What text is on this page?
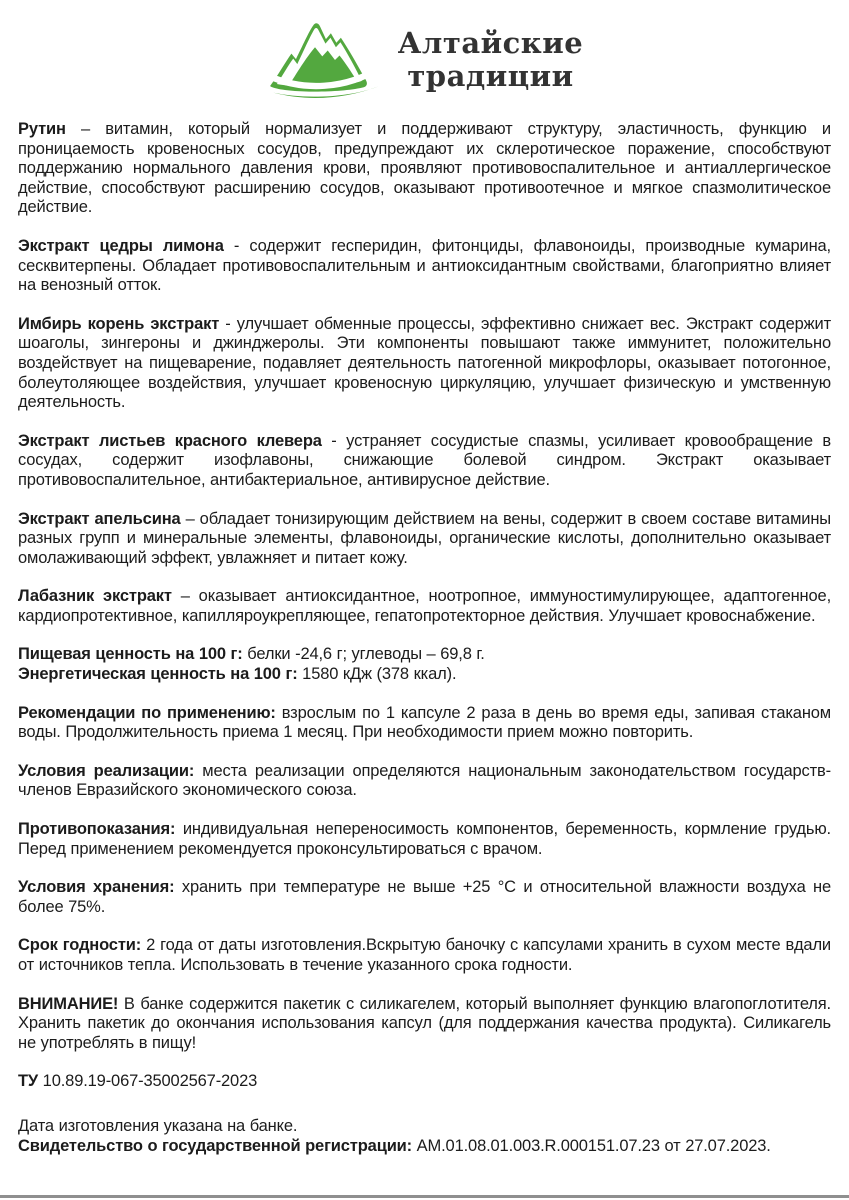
Алтайские
традиции

Рутин – витамин, который нормализует и поддерживают структуру, эластичность, функцию и проницаемость кровеносных сосудов, предупреждают их склеротическое поражение, способствуют поддержанию нормального давления крови, проявляют противовоспалительное и антиаллергическое действие, способствуют расширению сосудов, оказывают противоотечное и мягкое спазмолитическое действие.

Экстракт цедры лимона - содержит гесперидин, фитонциды, флавоноиды, производные кумарина, сесквитерпены. Обладает противовоспалительным и антиоксидантным свойствами, благоприятно влияет на венозный отток.

Имбирь корень экстракт - улучшает обменные процессы, эффективно снижает вес. Экстракт содержит шоаголы, зингероны и джинджеролы. Эти компоненты повышают также иммунитет, положительно воздействует на пищеварение, подавляет деятельность патогенной микрофлоры, оказывает потогонное, болеутоляющее воздействия, улучшает кровеносную циркуляцию, улучшает физическую и умственную деятельность.

Экстракт листьев красного клевера - устраняет сосудистые спазмы, усиливает кровообращение в сосудах, содержит изофлавоны, снижающие болевой синдром. Экстракт оказывает противовоспалительное, антибактериальное, антивирусное действие.

Экстракт апельсина – обладает тонизирующим действием на вены, содержит в своем составе витамины разных групп и минеральные элементы, флавоноиды, органические кислоты, дополнительно оказывает омолаживающий эффект, увлажняет и питает кожу.

Лабазник экстракт – оказывает антиоксидантное, ноотропное, иммуностимулирующее, адаптогенное, кардиопротективное, капилляроукрепляющее, гепатопротекторное действия. Улучшает кровоснабжение.

Пищевая ценность на 100 г: белки -24,6 г; углеводы – 69,8 г.

Энергетическая ценность на 100 г: 1580 кДж (378 ккал).

Рекомендации по применению: взрослым по 1 капсуле 2 раза в день во время еды, запивая стаканом воды. Продолжительность приема 1 месяц. При необходимости прием можно повторить.

Условия реализации: места реализации определяются национальным законодательством государств-членов Евразийского экономического союза.

Противопоказания: индивидуальная непереносимость компонентов, беременность, кормление грудью. Перед применением рекомендуется проконсультироваться с врачом.

Условия хранения: хранить при температуре не выше +25 °C и относительной влажности воздуха не более 75%.

Срок годности: 2 года от даты изготовления.Вскрытую баночку с капсулами хранить в сухом месте вдали от источников тепла. Использовать в течение указанного срока годности.

ВНИМАНИЕ! В банке содержится пакетик с силикагелем, который выполняет функцию влагопоглотителя. Хранить пакетик до окончания использования капсул (для поддержания качества продукта). Силикагель не употреблять в пищу!

ТУ 10.89.19-067-35002567-2023

Дата изготовления указана на банке.

Свидетельство о государственной регистрации: AM.01.08.01.003.R.000151.07.23 от 27.07.2023.
